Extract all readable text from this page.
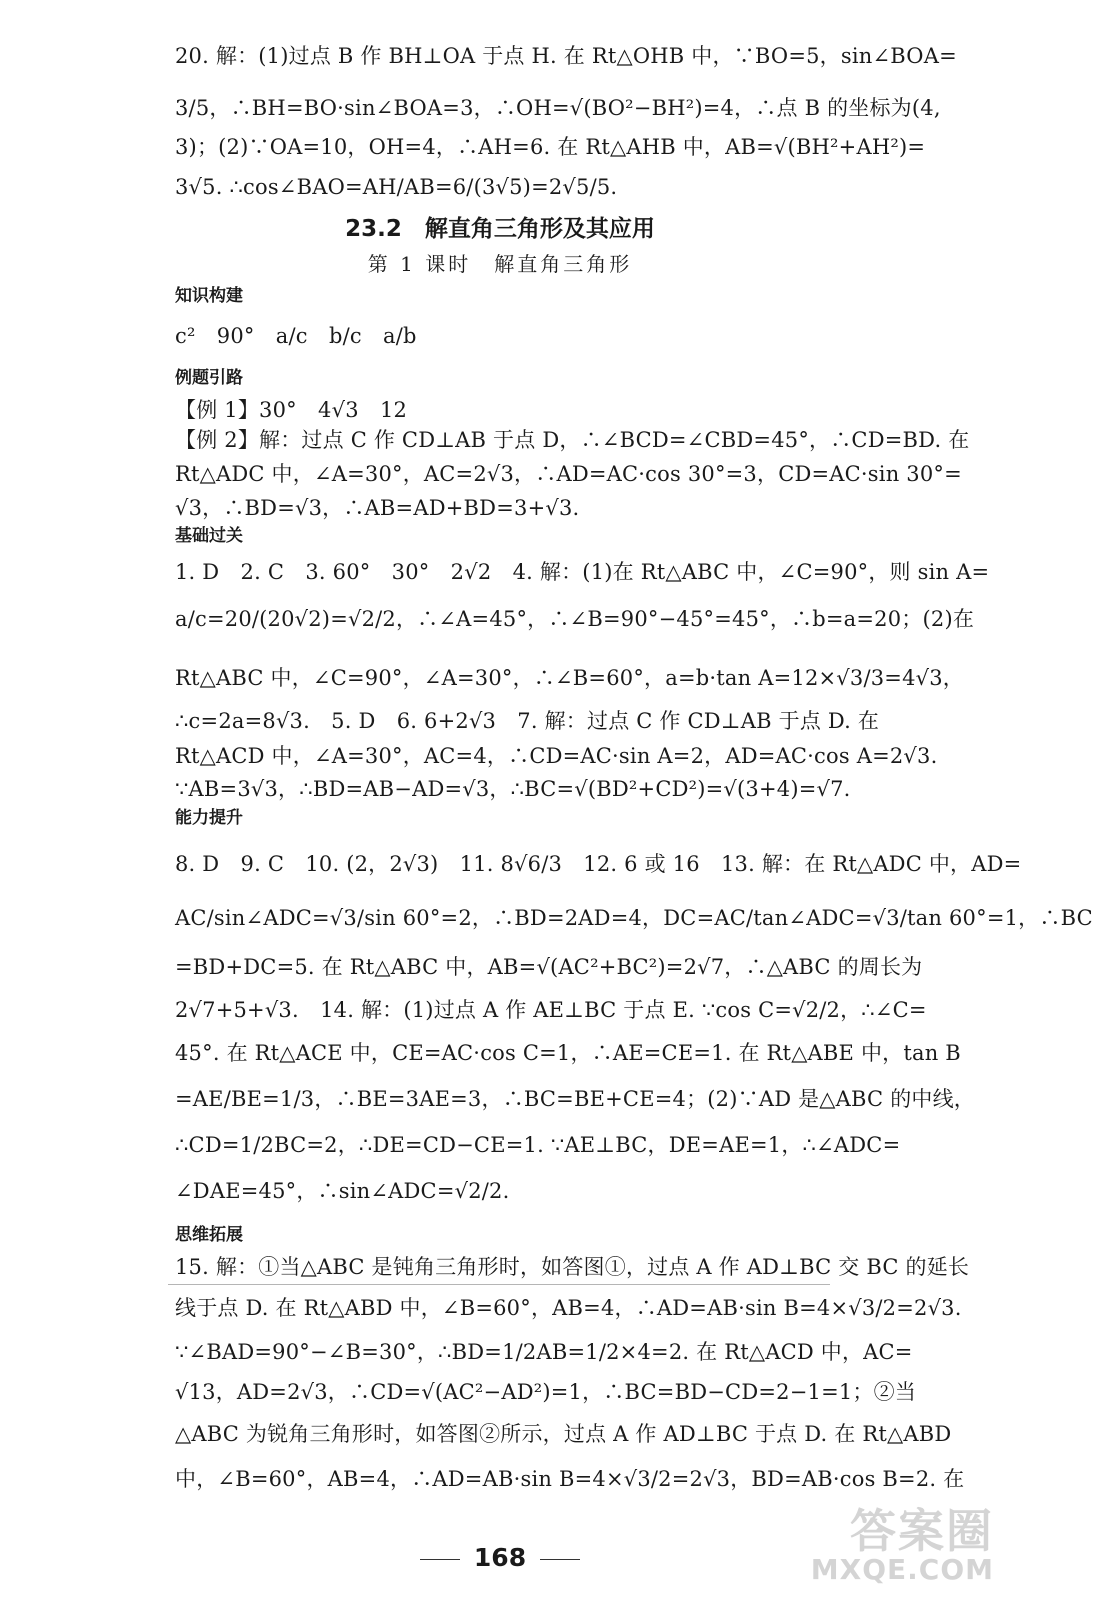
20. 解：(1)过点 B 作 BH⊥OA 于点 H. 在 Rt△OHB 中，∵BO=5，sin∠BOA=
3/5，∴BH=BO·sin∠BOA=3，∴OH=√(BO²−BH²)=4，∴点 B 的坐标为(4,
3)；(2)∵OA=10，OH=4，∴AH=6. 在 Rt△AHB 中，AB=√(BH²+AH²)=
3√5. ∴cos∠BAO=AH/AB=6/(3√5)=2√5/5.
23.2　解直角三角形及其应用
第 1 课时　解直角三角形
知识构建
c²　90°　a/c　b/c　a/b
例题引路
【例 1】30°　4√3　12
【例 2】解：过点 C 作 CD⊥AB 于点 D，∴∠BCD=∠CBD=45°，∴CD=BD. 在
Rt△ADC 中，∠A=30°，AC=2√3，∴AD=AC·cos 30°=3，CD=AC·sin 30°=
√3，∴BD=√3，∴AB=AD+BD=3+√3.
基础过关
1. D　2. C　3. 60°　30°　2√2　4. 解：(1)在 Rt△ABC 中，∠C=90°，则 sin A=
a/c=20/(20√2)=√2/2，∴∠A=45°，∴∠B=90°−45°=45°，∴b=a=20；(2)在
Rt△ABC 中，∠C=90°，∠A=30°，∴∠B=60°，a=b·tan A=12×√3/3=4√3，
∴c=2a=8√3.　5. D　6. 6+2√3　7. 解：过点 C 作 CD⊥AB 于点 D. 在
Rt△ACD 中，∠A=30°，AC=4，∴CD=AC·sin A=2，AD=AC·cos A=2√3.
∵AB=3√3，∴BD=AB−AD=√3，∴BC=√(BD²+CD²)=√(3+4)=√7.
能力提升
8. D　9. C　10. (2，2√3)　11. 8√6/3　12. 6 或 16　13. 解：在 Rt△ADC 中，AD=
AC/sin∠ADC=√3/sin 60°=2，∴BD=2AD=4，DC=AC/tan∠ADC=√3/tan 60°=1，∴BC
=BD+DC=5. 在 Rt△ABC 中，AB=√(AC²+BC²)=2√7，∴△ABC 的周长为
2√7+5+√3.　14. 解：(1)过点 A 作 AE⊥BC 于点 E. ∵cos C=√2/2，∴∠C=
45°. 在 Rt△ACE 中，CE=AC·cos C=1，∴AE=CE=1. 在 Rt△ABE 中，tan B
=AE/BE=1/3，∴BE=3AE=3，∴BC=BE+CE=4；(2)∵AD 是△ABC 的中线，
∴CD=1/2BC=2，∴DE=CD−CE=1. ∵AE⊥BC，DE=AE=1，∴∠ADC=
∠DAE=45°，∴sin∠ADC=√2/2.
思维拓展
15. 解：①当△ABC 是钝角三角形时，如答图①，过点 A 作 AD⊥BC 交 BC 的延长
线于点 D. 在 Rt△ABD 中，∠B=60°，AB=4，∴AD=AB·sin B=4×√3/2=2√3.
∵∠BAD=90°−∠B=30°，∴BD=1/2AB=1/2×4=2. 在 Rt△ACD 中，AC=
√13，AD=2√3，∴CD=√(AC²−AD²)=1，∴BC=BD−CD=2−1=1；②当
△ABC 为锐角三角形时，如答图②所示，过点 A 作 AD⊥BC 于点 D. 在 Rt△ABD
中，∠B=60°，AB=4，∴AD=AB·sin B=4×√3/2=2√3，BD=AB·cos B=2. 在
168	答案圈
MXQE.COM
